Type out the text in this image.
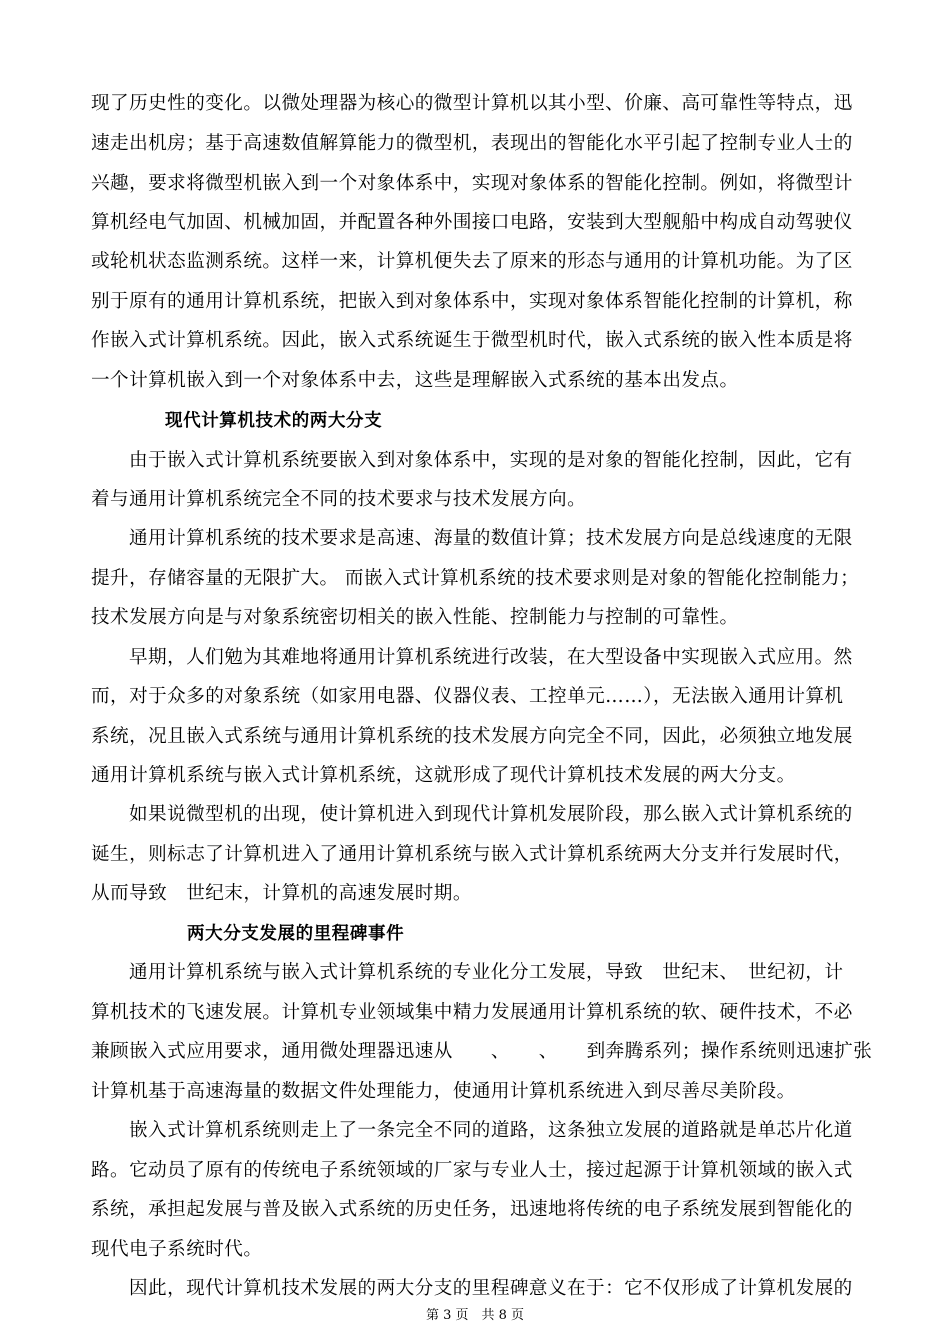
现了历史性的变化。以微处理器为核心的微型计算机以其小型、价廉、高可靠性等特点，迅
速走出机房；基于高速数值解算能力的微型机，表现出的智能化水平引起了控制专业人士的
兴趣，要求将微型机嵌入到一个对象体系中，实现对象体系的智能化控制。例如，将微型计
算机经电气加固、机械加固，并配置各种外围接口电路，安装到大型舰船中构成自动驾驶仪
或轮机状态监测系统。这样一来，计算机便失去了原来的形态与通用的计算机功能。为了区
别于原有的通用计算机系统，把嵌入到对象体系中，实现对象体系智能化控制的计算机，称
作嵌入式计算机系统。因此，嵌入式系统诞生于微型机时代，嵌入式系统的嵌入性本质是将
一个计算机嵌入到一个对象体系中去，这些是理解嵌入式系统的基本出发点。
现代计算机技术的两大分支
由于嵌入式计算机系统要嵌入到对象体系中，实现的是对象的智能化控制，因此，它有
着与通用计算机系统完全不同的技术要求与技术发展方向。
通用计算机系统的技术要求是高速、海量的数值计算；技术发展方向是总线速度的无限
提升，存储容量的无限扩大。 而嵌入式计算机系统的技术要求则是对象的智能化控制能力；
技术发展方向是与对象系统密切相关的嵌入性能、控制能力与控制的可靠性。
早期，人们勉为其难地将通用计算机系统进行改装，在大型设备中实现嵌入式应用。然
而，对于众多的对象系统（如家用电器、仪器仪表、工控单元……），无法嵌入通用计算机
系统，况且嵌入式系统与通用计算机系统的技术发展方向完全不同，因此，必须独立地发展
通用计算机系统与嵌入式计算机系统，这就形成了现代计算机技术发展的两大分支。
如果说微型机的出现，使计算机进入到现代计算机发展阶段，那么嵌入式计算机系统的
诞生，则标志了计算机进入了通用计算机系统与嵌入式计算机系统两大分支并行发展时代，
从而导致　世纪末，计算机的高速发展时期。
两大分支发展的里程碑事件
通用计算机系统与嵌入式计算机系统的专业化分工发展，导致　世纪末、　世纪初，计
算机技术的飞速发展。计算机专业领域集中精力发展通用计算机系统的软、硬件技术，不必
兼顾嵌入式应用要求，通用微处理器迅速从　　、　　、　　到奔腾系列；操作系统则迅速扩张
计算机基于高速海量的数据文件处理能力，使通用计算机系统进入到尽善尽美阶段。
嵌入式计算机系统则走上了一条完全不同的道路，这条独立发展的道路就是单芯片化道
路。它动员了原有的传统电子系统领域的厂家与专业人士，接过起源于计算机领域的嵌入式
系统，承担起发展与普及嵌入式系统的历史任务，迅速地将传统的电子系统发展到智能化的
现代电子系统时代。
因此，现代计算机技术发展的两大分支的里程碑意义在于：它不仅形成了计算机发展的
第 3 页　共 8 页
